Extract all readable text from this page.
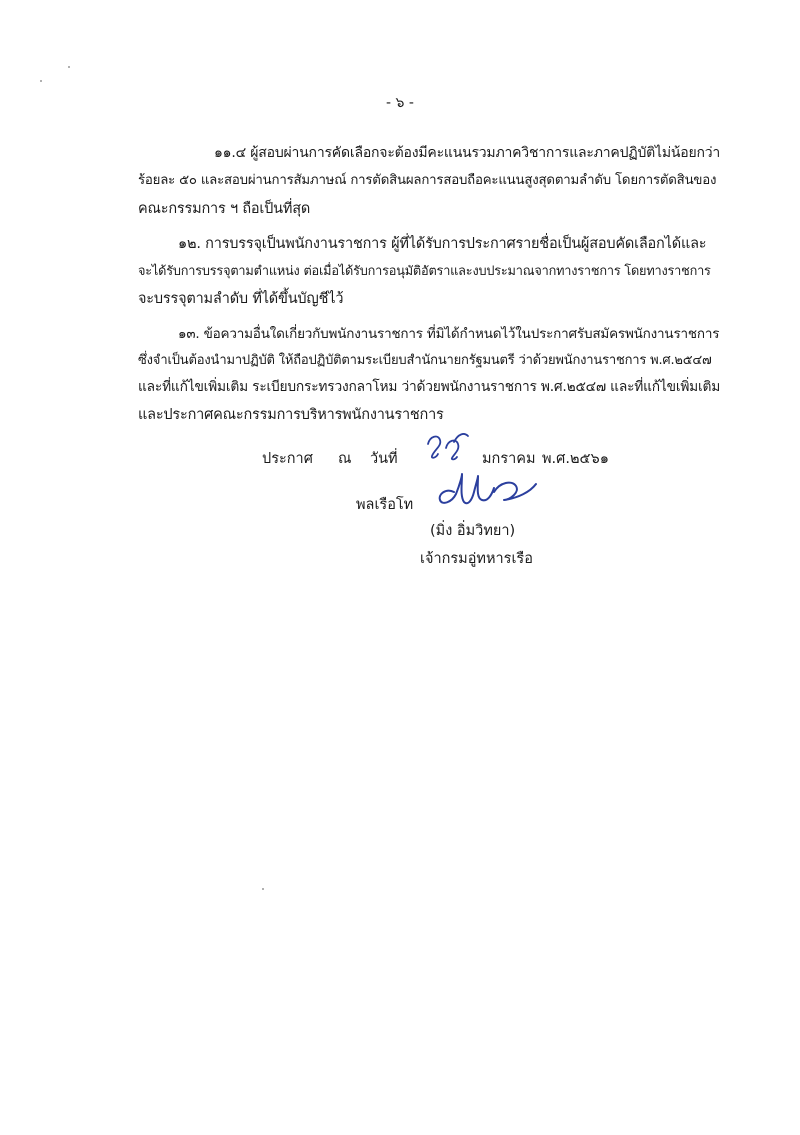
- ๖ -
๑๑.๔ ผู้สอบผ่านการคัดเลือกจะต้องมีคะแนนรวมภาควิชาการและภาคปฏิบัติไม่น้อยกว่า
ร้อยละ ๕๐ และสอบผ่านการสัมภาษณ์ การตัดสินผลการสอบถือคะแนนสูงสุดตามลำดับ โดยการตัดสินของ
คณะกรรมการ ฯ ถือเป็นที่สุด
๑๒. การบรรจุเป็นพนักงานราชการ ผู้ที่ได้รับการประกาศรายชื่อเป็นผู้สอบคัดเลือกได้และ
จะได้รับการบรรจุตามตำแหน่ง ต่อเมื่อได้รับการอนุมัติอัตราและงบประมาณจากทางราชการ โดยทางราชการ
จะบรรจุตามลำดับ ที่ได้ขึ้นบัญชีไว้
๑๓. ข้อความอื่นใดเกี่ยวกับพนักงานราชการ ที่มิได้กำหนดไว้ในประกาศรับสมัครพนักงานราชการ
ซึ่งจำเป็นต้องนำมาปฏิบัติ ให้ถือปฏิบัติตามระเบียบสำนักนายกรัฐมนตรี ว่าด้วยพนักงานราชการ พ.ศ.๒๕๔๗
และที่แก้ไขเพิ่มเติม ระเบียบกระทรวงกลาโหม ว่าด้วยพนักงานราชการ พ.ศ.๒๕๔๗ และที่แก้ไขเพิ่มเติม
และประกาศคณะกรรมการบริหารพนักงานราชการ
ประกาศ ณ วันที่	มกราคม พ.ศ.๒๕๖๑
พลเรือโท
(มิ่ง อิ่มวิทยา)
เจ้ากรมอู่ทหารเรือ
